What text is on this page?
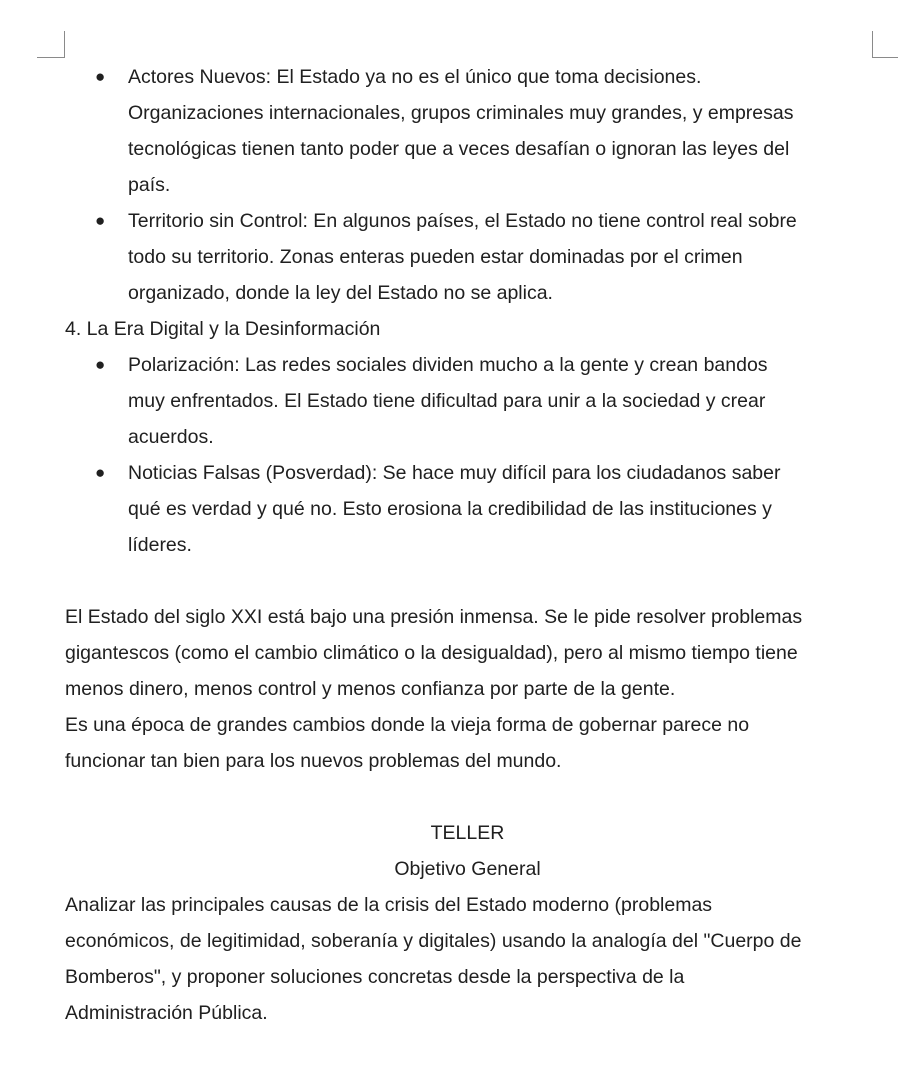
● Actores Nuevos: El Estado ya no es el único que toma decisiones.
Organizaciones internacionales, grupos criminales muy grandes, y empresas
tecnológicas tienen tanto poder que a veces desafían o ignoran las leyes del
país.
● Territorio sin Control: En algunos países, el Estado no tiene control real sobre
todo su territorio. Zonas enteras pueden estar dominadas por el crimen
organizado, donde la ley del Estado no se aplica.
4. La Era Digital y la Desinformación
● Polarización: Las redes sociales dividen mucho a la gente y crean bandos
muy enfrentados. El Estado tiene dificultad para unir a la sociedad y crear
acuerdos.
● Noticias Falsas (Posverdad): Se hace muy difícil para los ciudadanos saber
qué es verdad y qué no. Esto erosiona la credibilidad de las instituciones y
líderes.
El Estado del siglo XXI está bajo una presión inmensa. Se le pide resolver problemas
gigantescos (como el cambio climático o la desigualdad), pero al mismo tiempo tiene
menos dinero, menos control y menos confianza por parte de la gente.
Es una época de grandes cambios donde la vieja forma de gobernar parece no
funcionar tan bien para los nuevos problemas del mundo.
TELLER
Objetivo General
Analizar las principales causas de la crisis del Estado moderno (problemas
económicos, de legitimidad, soberanía y digitales) usando la analogía del "Cuerpo de
Bomberos", y proponer soluciones concretas desde la perspectiva de la
Administración Pública.
